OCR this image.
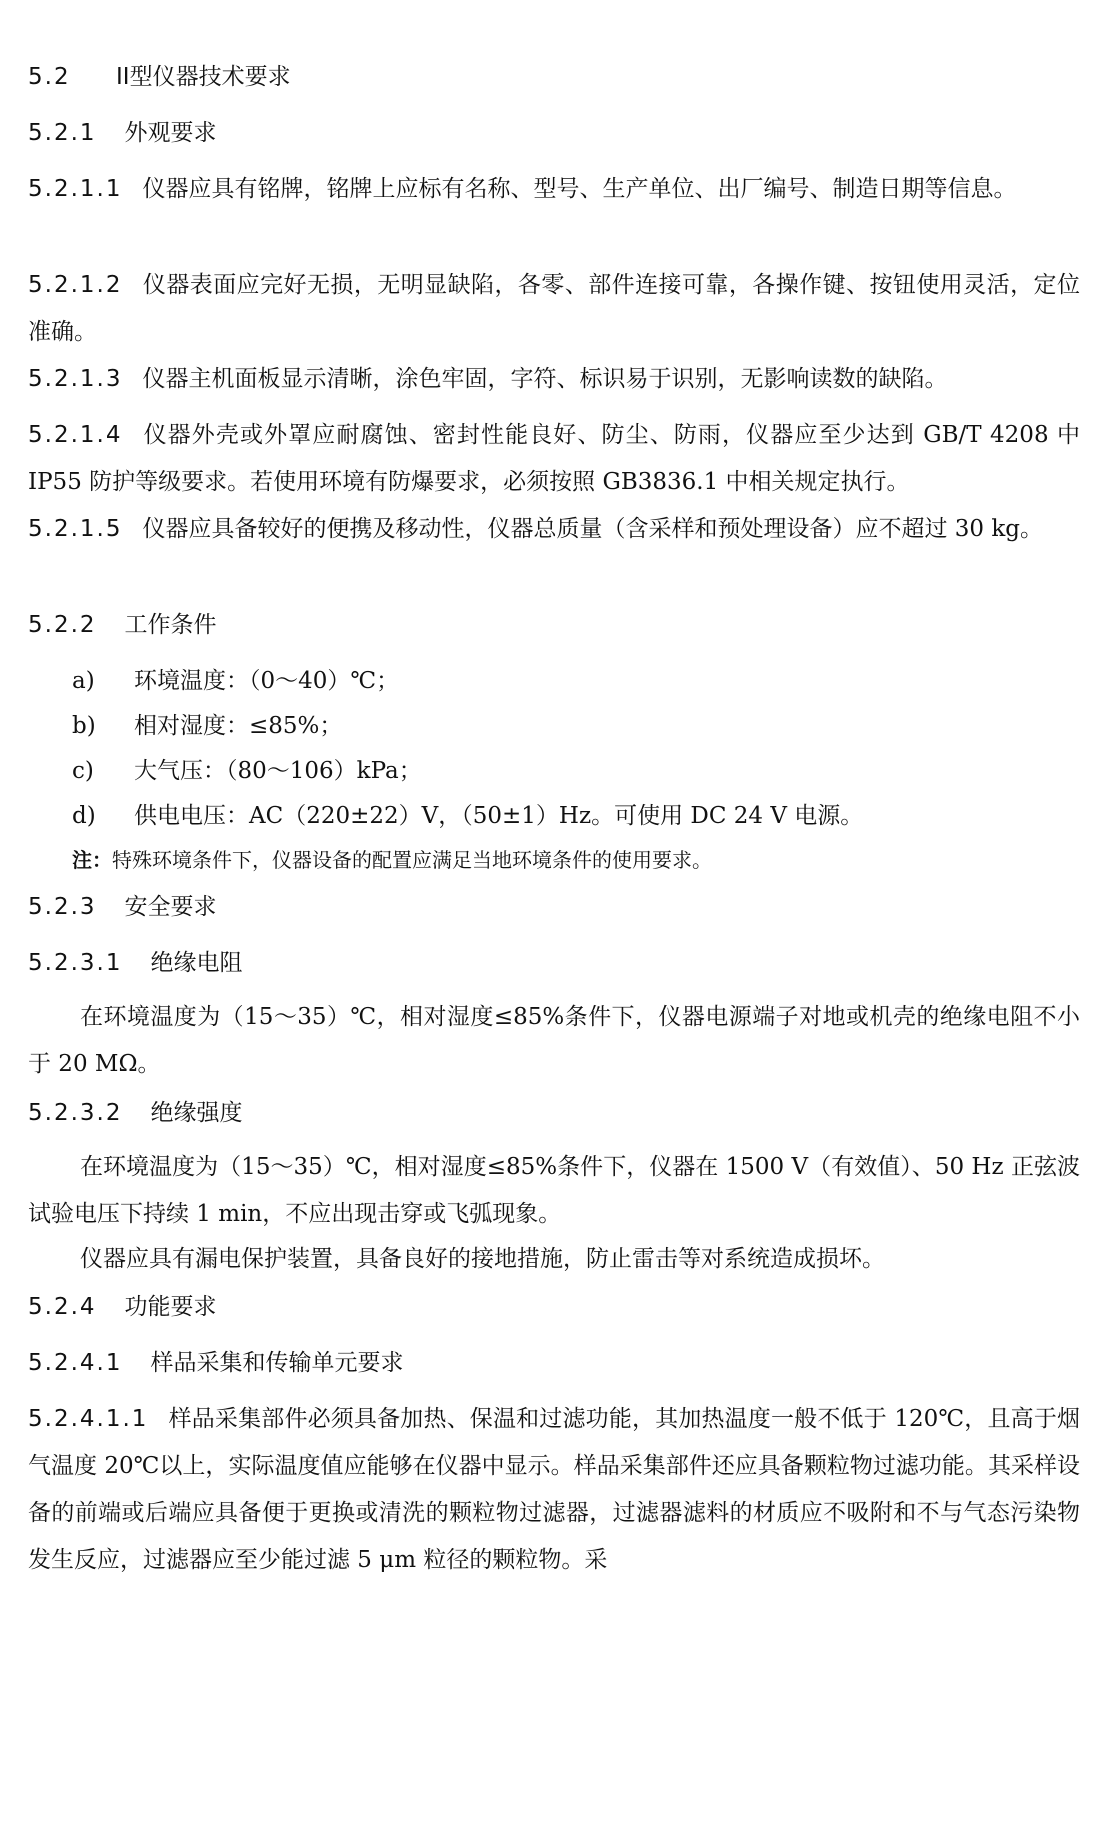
5.2 II型仪器技术要求
5.2.1 外观要求
5.2.1.1 仪器应具有铭牌，铭牌上应标有名称、型号、生产单位、出厂编号、制造日期等信息。
5.2.1.2 仪器表面应完好无损，无明显缺陷，各零、部件连接可靠，各操作键、按钮使用灵活，定位准确。
5.2.1.3 仪器主机面板显示清晰，涂色牢固，字符、标识易于识别，无影响读数的缺陷。
5.2.1.4 仪器外壳或外罩应耐腐蚀、密封性能良好、防尘、防雨，仪器应至少达到 GB/T 4208 中 IP55 防护等级要求。若使用环境有防爆要求，必须按照 GB3836.1 中相关规定执行。
5.2.1.5 仪器应具备较好的便携及移动性，仪器总质量（含采样和预处理设备）应不超过 30 kg。
5.2.2 工作条件
a) 环境温度：（0～40）℃；
b) 相对湿度：≤85%；
c) 大气压：（80～106）kPa；
d) 供电电压：AC（220±22）V，（50±1）Hz。可使用 DC 24 V 电源。
注：特殊环境条件下，仪器设备的配置应满足当地环境条件的使用要求。
5.2.3 安全要求
5.2.3.1 绝缘电阻
在环境温度为（15～35）℃，相对湿度≤85%条件下，仪器电源端子对地或机壳的绝缘电阻不小于 20 MΩ。
5.2.3.2 绝缘强度
在环境温度为（15～35）℃，相对湿度≤85%条件下，仪器在 1500 V（有效值）、50 Hz 正弦波试验电压下持续 1 min，不应出现击穿或飞弧现象。
仪器应具有漏电保护装置，具备良好的接地措施，防止雷击等对系统造成损坏。
5.2.4 功能要求
5.2.4.1 样品采集和传输单元要求
5.2.4.1.1 样品采集部件必须具备加热、保温和过滤功能，其加热温度一般不低于 120℃，且高于烟气温度 20℃以上，实际温度值应能够在仪器中显示。样品采集部件还应具备颗粒物过滤功能。其采样设备的前端或后端应具备便于更换或清洗的颗粒物过滤器，过滤器滤料的材质应不吸附和不与气态污染物发生反应，过滤器应至少能过滤 5 μm 粒径的颗粒物。采
